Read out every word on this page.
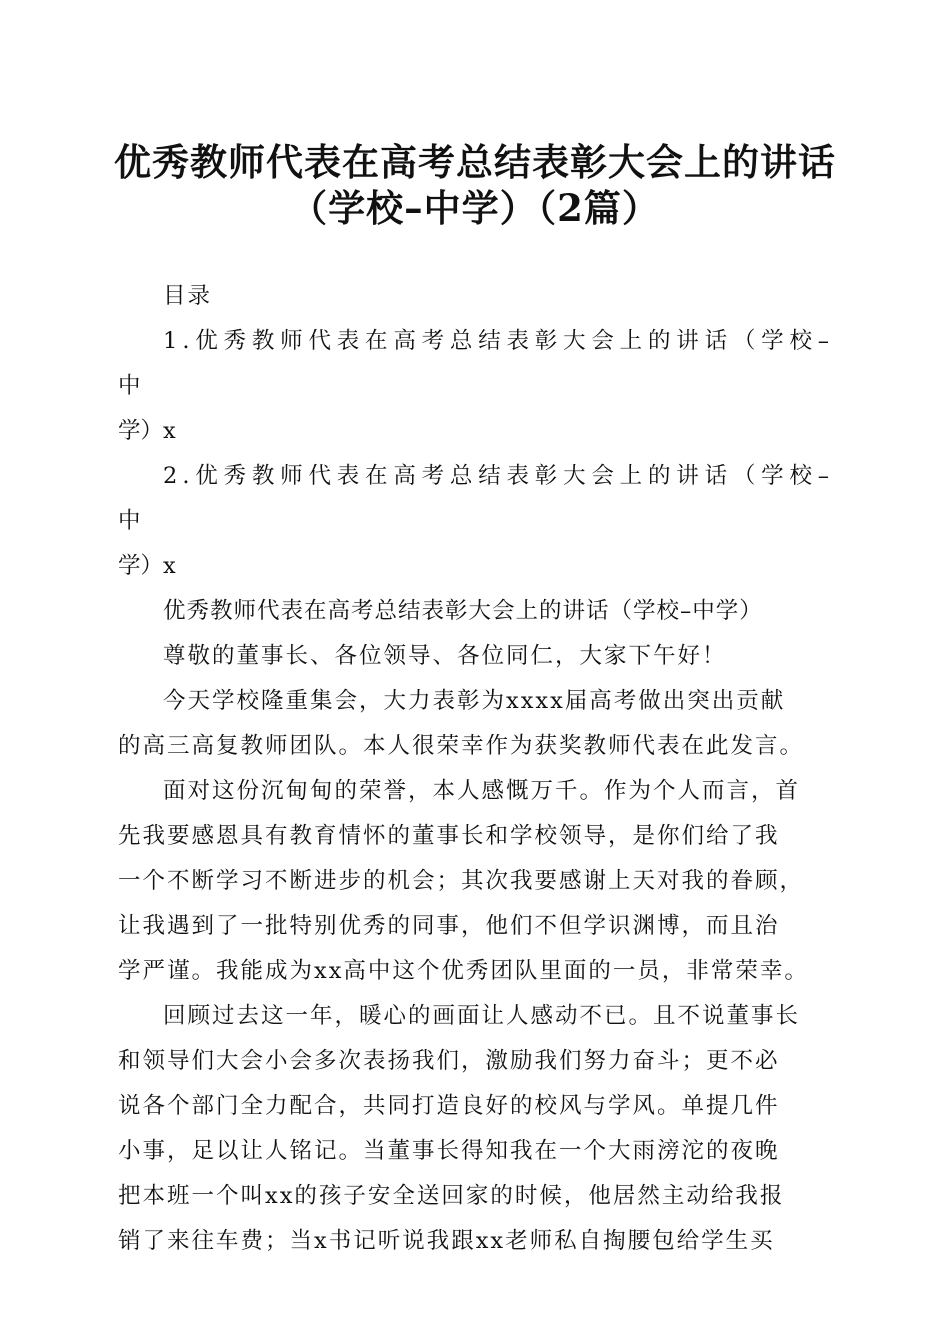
优秀教师代表在高考总结表彰大会上的讲话
（学校–中学）（2篇）

目录

1.优秀教师代表在高考总结表彰大会上的讲话（学校–中
学）x

2.优秀教师代表在高考总结表彰大会上的讲话（学校–中
学）x

优秀教师代表在高考总结表彰大会上的讲话（学校–中学）

尊敬的董事长、各位领导、各位同仁，大家下午好！

今天学校隆重集会，大力表彰为xxxx届高考做出突出贡献
的高三高复教师团队。本人很荣幸作为获奖教师代表在此发言。

面对这份沉甸甸的荣誉，本人感慨万千。作为个人而言，首
先我要感恩具有教育情怀的董事长和学校领导，是你们给了我
一个不断学习不断进步的机会；其次我要感谢上天对我的眷顾，
让我遇到了一批特别优秀的同事，他们不但学识渊博，而且治
学严谨。我能成为xx高中这个优秀团队里面的一员，非常荣幸。

回顾过去这一年，暖心的画面让人感动不已。且不说董事长
和领导们大会小会多次表扬我们，激励我们努力奋斗；更不必
说各个部门全力配合，共同打造良好的校风与学风。单提几件
小事，足以让人铭记。当董事长得知我在一个大雨滂沱的夜晚
把本班一个叫xx的孩子安全送回家的时候，他居然主动给我报
销了来往车费；当x书记听说我跟xx老师私自掏腰包给学生买
